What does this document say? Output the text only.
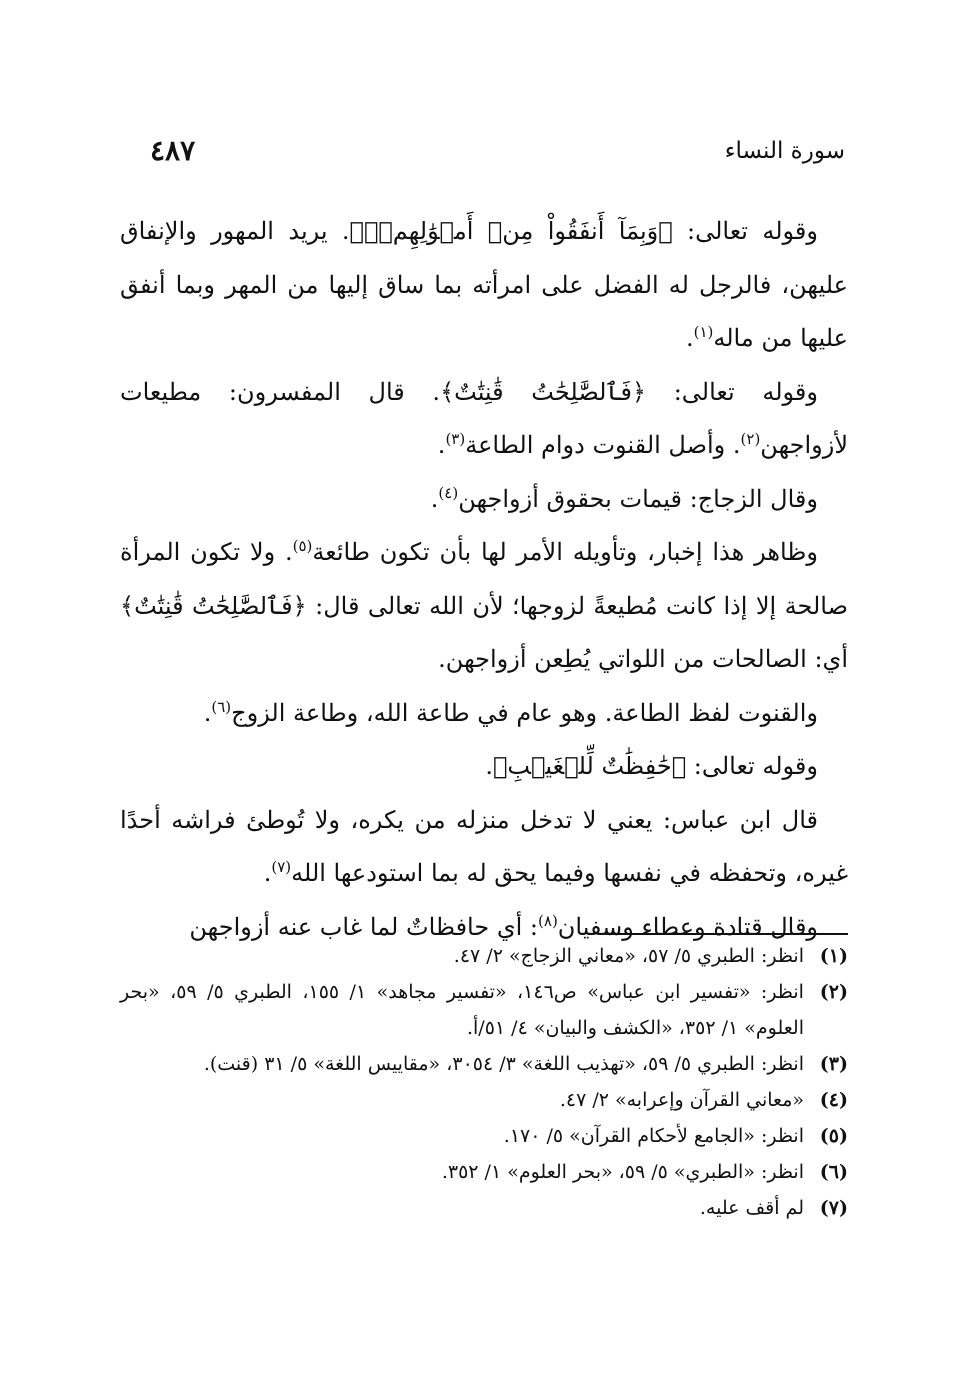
سورة النساء
٤٨٧

وقوله تعالى: ﴿وَبِمَآ أَنفَقُواْ مِنۡ أَمۡوَٰلِهِمۡۚ﴾. يريد المهور والإنفاق عليهن، فالرجل له الفضل على امرأته بما ساق إليها من المهر وبما أنفق عليها من ماله$^{(١)}$.

وقوله تعالى: ﴿فَٱلصَّٰلِحَٰتُ قَٰنِتَٰتٌ﴾. قال المفسرون: مطيعات لأزواجهن$^{(٢)}$. وأصل القنوت دوام الطاعة$^{(٣)}$.

وقال الزجاج: قيمات بحقوق أزواجهن$^{(٤)}$.

وظاهر هذا إخبار، وتأويله الأمر لها بأن تكون طائعة$^{(٥)}$. ولا تكون المرأة صالحة إلا إذا كانت مُطيعةً لزوجها؛ لأن الله تعالى قال: ﴿فَٱلصَّٰلِحَٰتُ قَٰنِتَٰتٌ﴾ أي: الصالحات من اللواتي يُطِعن أزواجهن.

والقنوت لفظ الطاعة. وهو عام في طاعة الله، وطاعة الزوج$^{(٦)}$.

وقوله تعالى: ﴿حَٰفِظَٰتٌ لِّلۡغَيۡبِ﴾.

قال ابن عباس: يعني لا تدخل منزله من يكره، ولا تُوطئ فراشه أحدًا غيره، وتحفظه في نفسها وفيما يحق له بما استودعها الله$^{(٧)}$.

وقال قتادة وعطاء وسفيان$^{(٨)}$: أي حافظاتٌ لما غاب عنه أزواجهن

(١)
انظر: الطبري ٥/ ٥٧، «معاني الزجاج» ٢/ ٤٧.
(٢)
انظر: «تفسير ابن عباس» ص١٤٦، «تفسير مجاهد» ١/ ١٥٥، الطبري ٥/ ٥٩، «بحر العلوم» ١/ ٣٥٢، «الكشف والبيان» ٤/ ٥١/أ.
(٣)
انظر: الطبري ٥/ ٥٩، «تهذيب اللغة» ٣/ ٣٠٥٤، «مقاييس اللغة» ٥/ ٣١ (قنت).
(٤)
«معاني القرآن وإعرابه» ٢/ ٤٧.
(٥)
انظر: «الجامع لأحكام القرآن» ٥/ ١٧٠.
(٦)
انظر: «الطبري» ٥/ ٥٩، «بحر العلوم» ١/ ٣٥٢.
(٧)
لم أقف عليه.
